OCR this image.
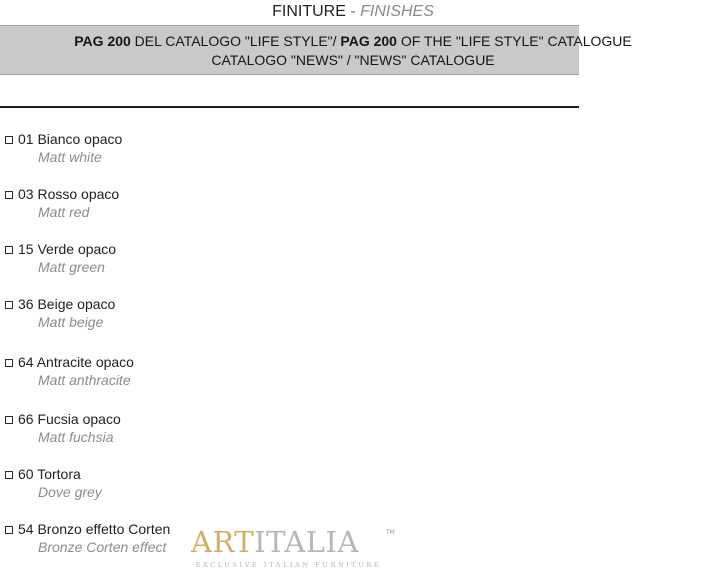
FINITURE - FINISHES
PAG 200 DEL CATALOGO "LIFE STYLE"/ PAG 200 OF THE "LIFE STYLE" CATALOGUE
CATALOGO "NEWS" / "NEWS" CATALOGUE
01 Bianco opaco
Matt white
03 Rosso opaco
Matt red
15 Verde opaco
Matt green
36 Beige opaco
Matt beige
64 Antracite opaco
Matt anthracite
66 Fucsia opaco
Matt fuchsia
60 Tortora
Dove grey
54 Bronzo effetto Corten
Bronze Corten effect ARTITALIA	TM
EXCLUSIVE ITALIAN FURNITURE
